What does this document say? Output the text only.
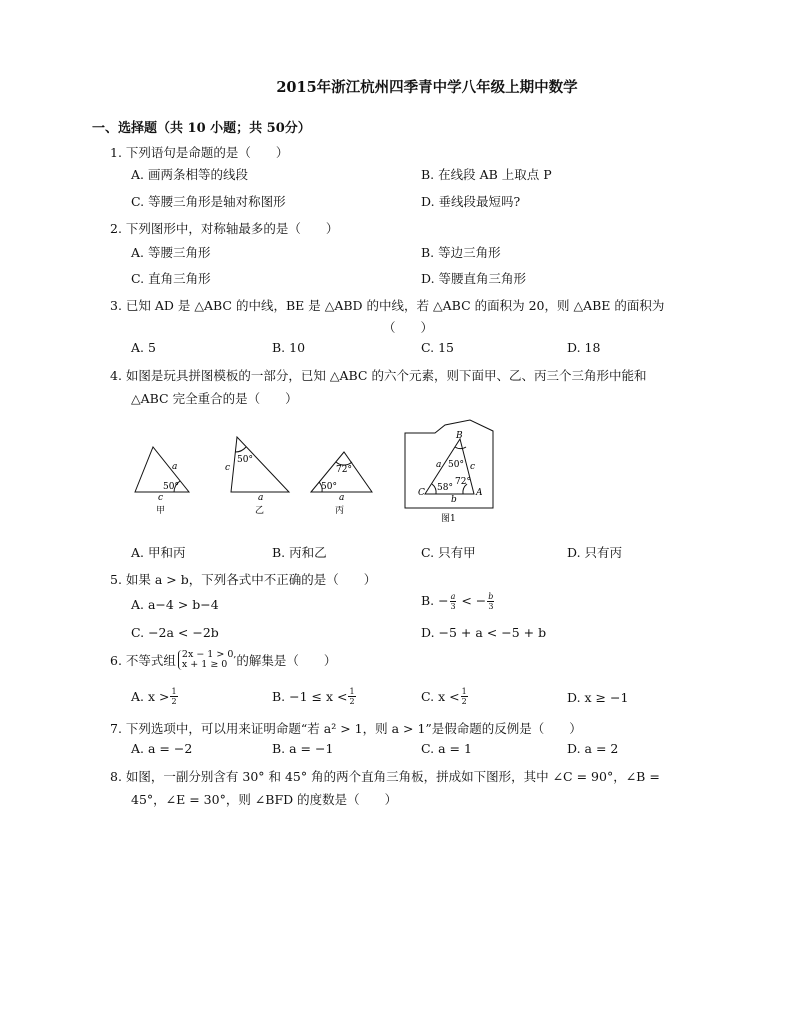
2015年浙江杭州四季青中学八年级上期中数学
一、选择题（共 10 小题；共 50分）
1. 下列语句是命题的是（　　）
A. 画两条相等的线段	B. 在线段 AB 上取点 P
C. 等腰三角形是轴对称图形	D. 垂线段最短吗?
2. 下列图形中，对称轴最多的是（　　）
A. 等腰三角形	B. 等边三角形
C. 直角三角形	D. 等腰直角三角形
3. 已知 AD 是 △ABC 的中线，BE 是 △ABD 的中线，若 △ABC 的面积为 20，则 △ABE 的面积为
（　　）
A. 5	B. 10	C. 15	D. 18
4. 如图是玩具拼图模板的一部分，已知 △ABC 的六个元素，则下面甲、乙、丙三个三角形中能和
△ABC 完全重合的是（　　）
a
c
50°
甲
c
a
50°
乙
72°
50°
a
丙
B
C	A
a	c
b
50°
58°
72°
图1
A. 甲和丙	B. 丙和乙	C. 只有甲	D. 只有丙
5. 如果 a > b，下列各式中不正确的是（　　）
A. a−4 > b−4	B. − $\frac{a}{3}$ < − $\frac{b}{3}$
C. −2a < −2b	D. −5 + a < −5 + b
6. 不等式组 2x − 1 > 0,
x + 1 ≥ 0 的解集是（　　）
A. $x > \frac{1}{2}$	B. $-1 \le x < \frac{1}{2}$	C. $x < \frac{1}{2}$	D. x ≥ −1
7. 下列选项中，可以用来证明命题“若 a² > 1，则 a > 1”是假命题的反例是（　　）
A. a = −2	B. a = −1	C. a = 1	D. a = 2
8. 如图，一副分别含有 30° 和 45° 角的两个直角三角板，拼成如下图形，其中 ∠C = 90°，∠B =
45°，∠E = 30°，则 ∠BFD 的度数是（　　）
